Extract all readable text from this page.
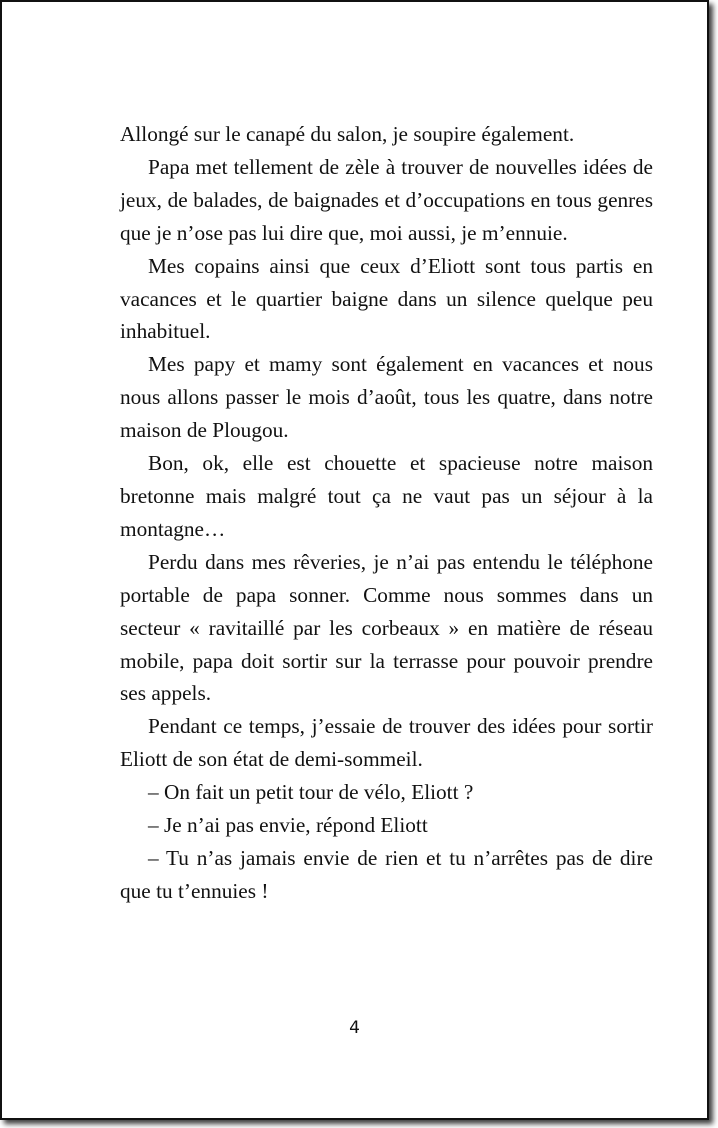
Allongé sur le canapé du salon, je soupire également.

Papa met tellement de zèle à trouver de nouvelles idées de jeux, de balades, de baignades et d’occupations en tous genres que je n’ose pas lui dire que, moi aussi, je m’ennuie.

Mes copains ainsi que ceux d’Eliott sont tous partis en vacances et le quartier baigne dans un silence quelque peu inhabituel.

Mes papy et mamy sont également en vacances et nous nous allons passer le mois d’août, tous les quatre, dans notre maison de Plougou.

Bon, ok, elle est chouette et spacieuse notre maison bretonne mais malgré tout ça ne vaut pas un séjour à la montagne…

Perdu dans mes rêveries, je n’ai pas entendu le téléphone portable de papa sonner. Comme nous sommes dans un secteur « ravitaillé par les corbeaux » en matière de réseau mobile, papa doit sortir sur la terrasse pour pouvoir prendre ses appels.

Pendant ce temps, j’essaie de trouver des idées pour sortir Eliott de son état de demi-sommeil.

– On fait un petit tour de vélo, Eliott ?

– Je n’ai pas envie, répond Eliott

– Tu n’as jamais envie de rien et tu n’arrêtes pas de dire que tu t’ennuies !

4
